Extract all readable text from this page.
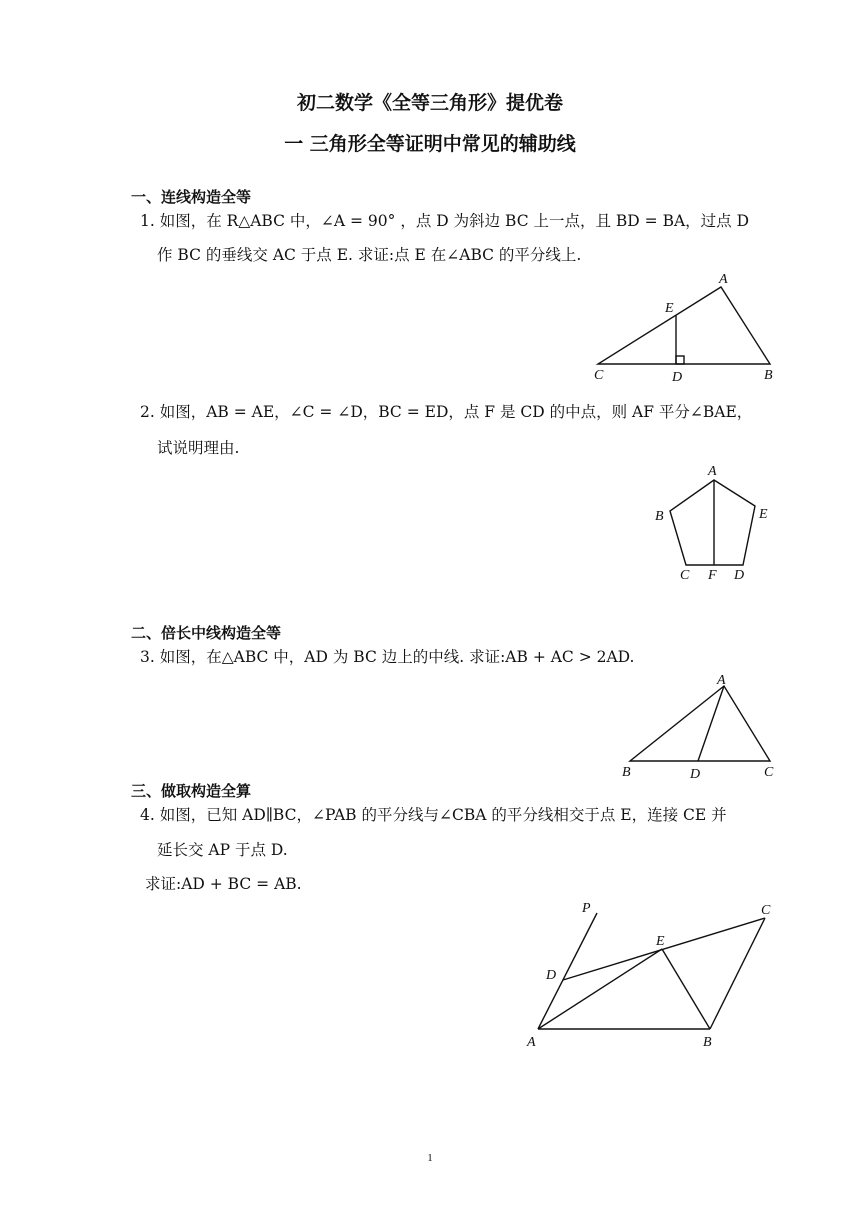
初二数学《全等三角形》提优卷
一 三角形全等证明中常见的辅助线
一、连线构造全等
1. 如图，在 R△ABC 中，∠A = 90° ，点 D 为斜边 BC 上一点，且 BD = BA，过点 D
作 BC 的垂线交 AC 于点 E. 求证:点 E 在∠ABC 的平分线上.
A
E
C	D	B
2. 如图，AB = AE，∠C = ∠D，BC = ED，点 F 是 CD 的中点，则 AF 平分∠BAE，
试说明理由.
A
B	E
C F D
二、倍长中线构造全等
3. 如图，在△ABC 中，AD 为 BC 边上的中线. 求证:AB + AC > 2AD.
A
B	D	C
三、做取构造全算
4. 如图，已知 AD∥BC，∠PAB 的平分线与∠CBA 的平分线相交于点 E，连接 CE 并
延长交 AP 于点 D.
求证:AD + BC = AB.
P	C
E
D
A	B
1
